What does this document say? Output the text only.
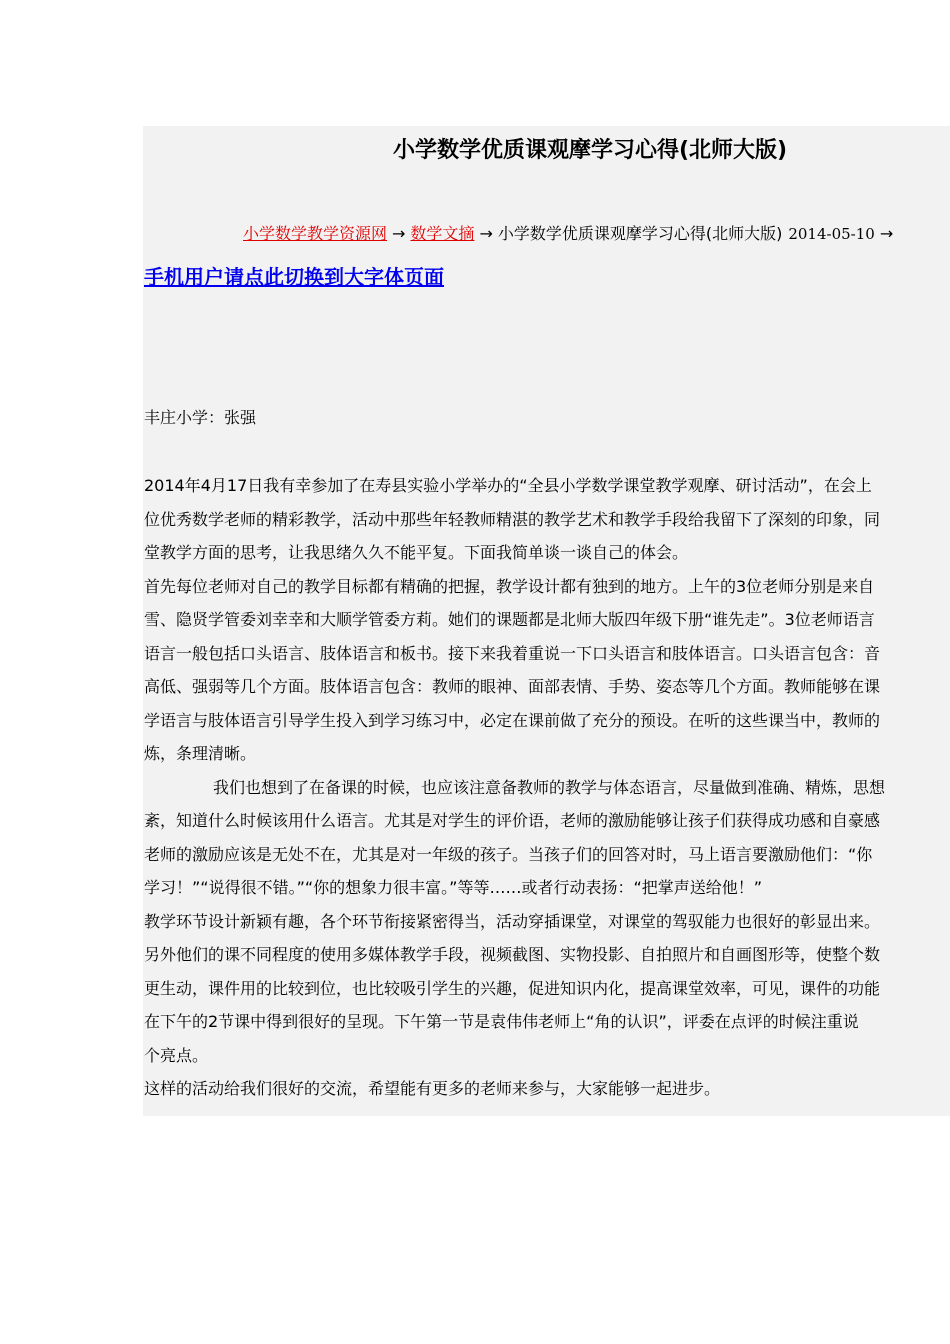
小学数学优质课观摩学习心得(北师大版)
小学数学教学资源网 → 数学文摘 → 小学数学优质课观摩学习心得(北师大版) 2014-05-10 →
手机用户请点此切换到大字体页面
丰庄小学：张强
2014年4月17日我有幸参加了在寿县实验小学举办的“全县小学数学课堂教学观摩、研讨活动”，在会上
位优秀数学老师的精彩教学，活动中那些年轻教师精湛的教学艺术和教学手段给我留下了深刻的印象，同
堂教学方面的思考，让我思绪久久不能平复。下面我简单谈一谈自己的体会。
首先每位老师对自己的教学目标都有精确的把握，教学设计都有独到的地方。上午的3位老师分别是来自
雪、隐贤学管委刘幸幸和大顺学管委方莉。她们的课题都是北师大版四年级下册“谁先走”。3位老师语言
语言一般包括口头语言、肢体语言和板书。接下来我着重说一下口头语言和肢体语言。口头语言包含：音
高低、强弱等几个方面。肢体语言包含：教师的眼神、面部表情、手势、姿态等几个方面。教师能够在课
学语言与肢体语言引导学生投入到学习练习中，必定在课前做了充分的预设。在听的这些课当中，教师的
炼，条理清晰。
我们也想到了在备课的时候，也应该注意备教师的教学与体态语言，尽量做到准确、精炼，思想
紊，知道什么时候该用什么语言。尤其是对学生的评价语，老师的激励能够让孩子们获得成功感和自豪感
老师的激励应该是无处不在，尤其是对一年级的孩子。当孩子们的回答对时，马上语言要激励他们：“你
学习！”“说得很不错。”“你的想象力很丰富。”等等……或者行动表扬：“把掌声送给他！”
教学环节设计新颖有趣，各个环节衔接紧密得当，活动穿插课堂，对课堂的驾驭能力也很好的彰显出来。
另外他们的课不同程度的使用多媒体教学手段，视频截图、实物投影、自拍照片和自画图形等，使整个数
更生动，课件用的比较到位，也比较吸引学生的兴趣，促进知识内化，提高课堂效率，可见，课件的功能
在下午的2节课中得到很好的呈现。下午第一节是袁伟伟老师上“角的认识”，评委在点评的时候注重说
个亮点。
这样的活动给我们很好的交流，希望能有更多的老师来参与，大家能够一起进步。
